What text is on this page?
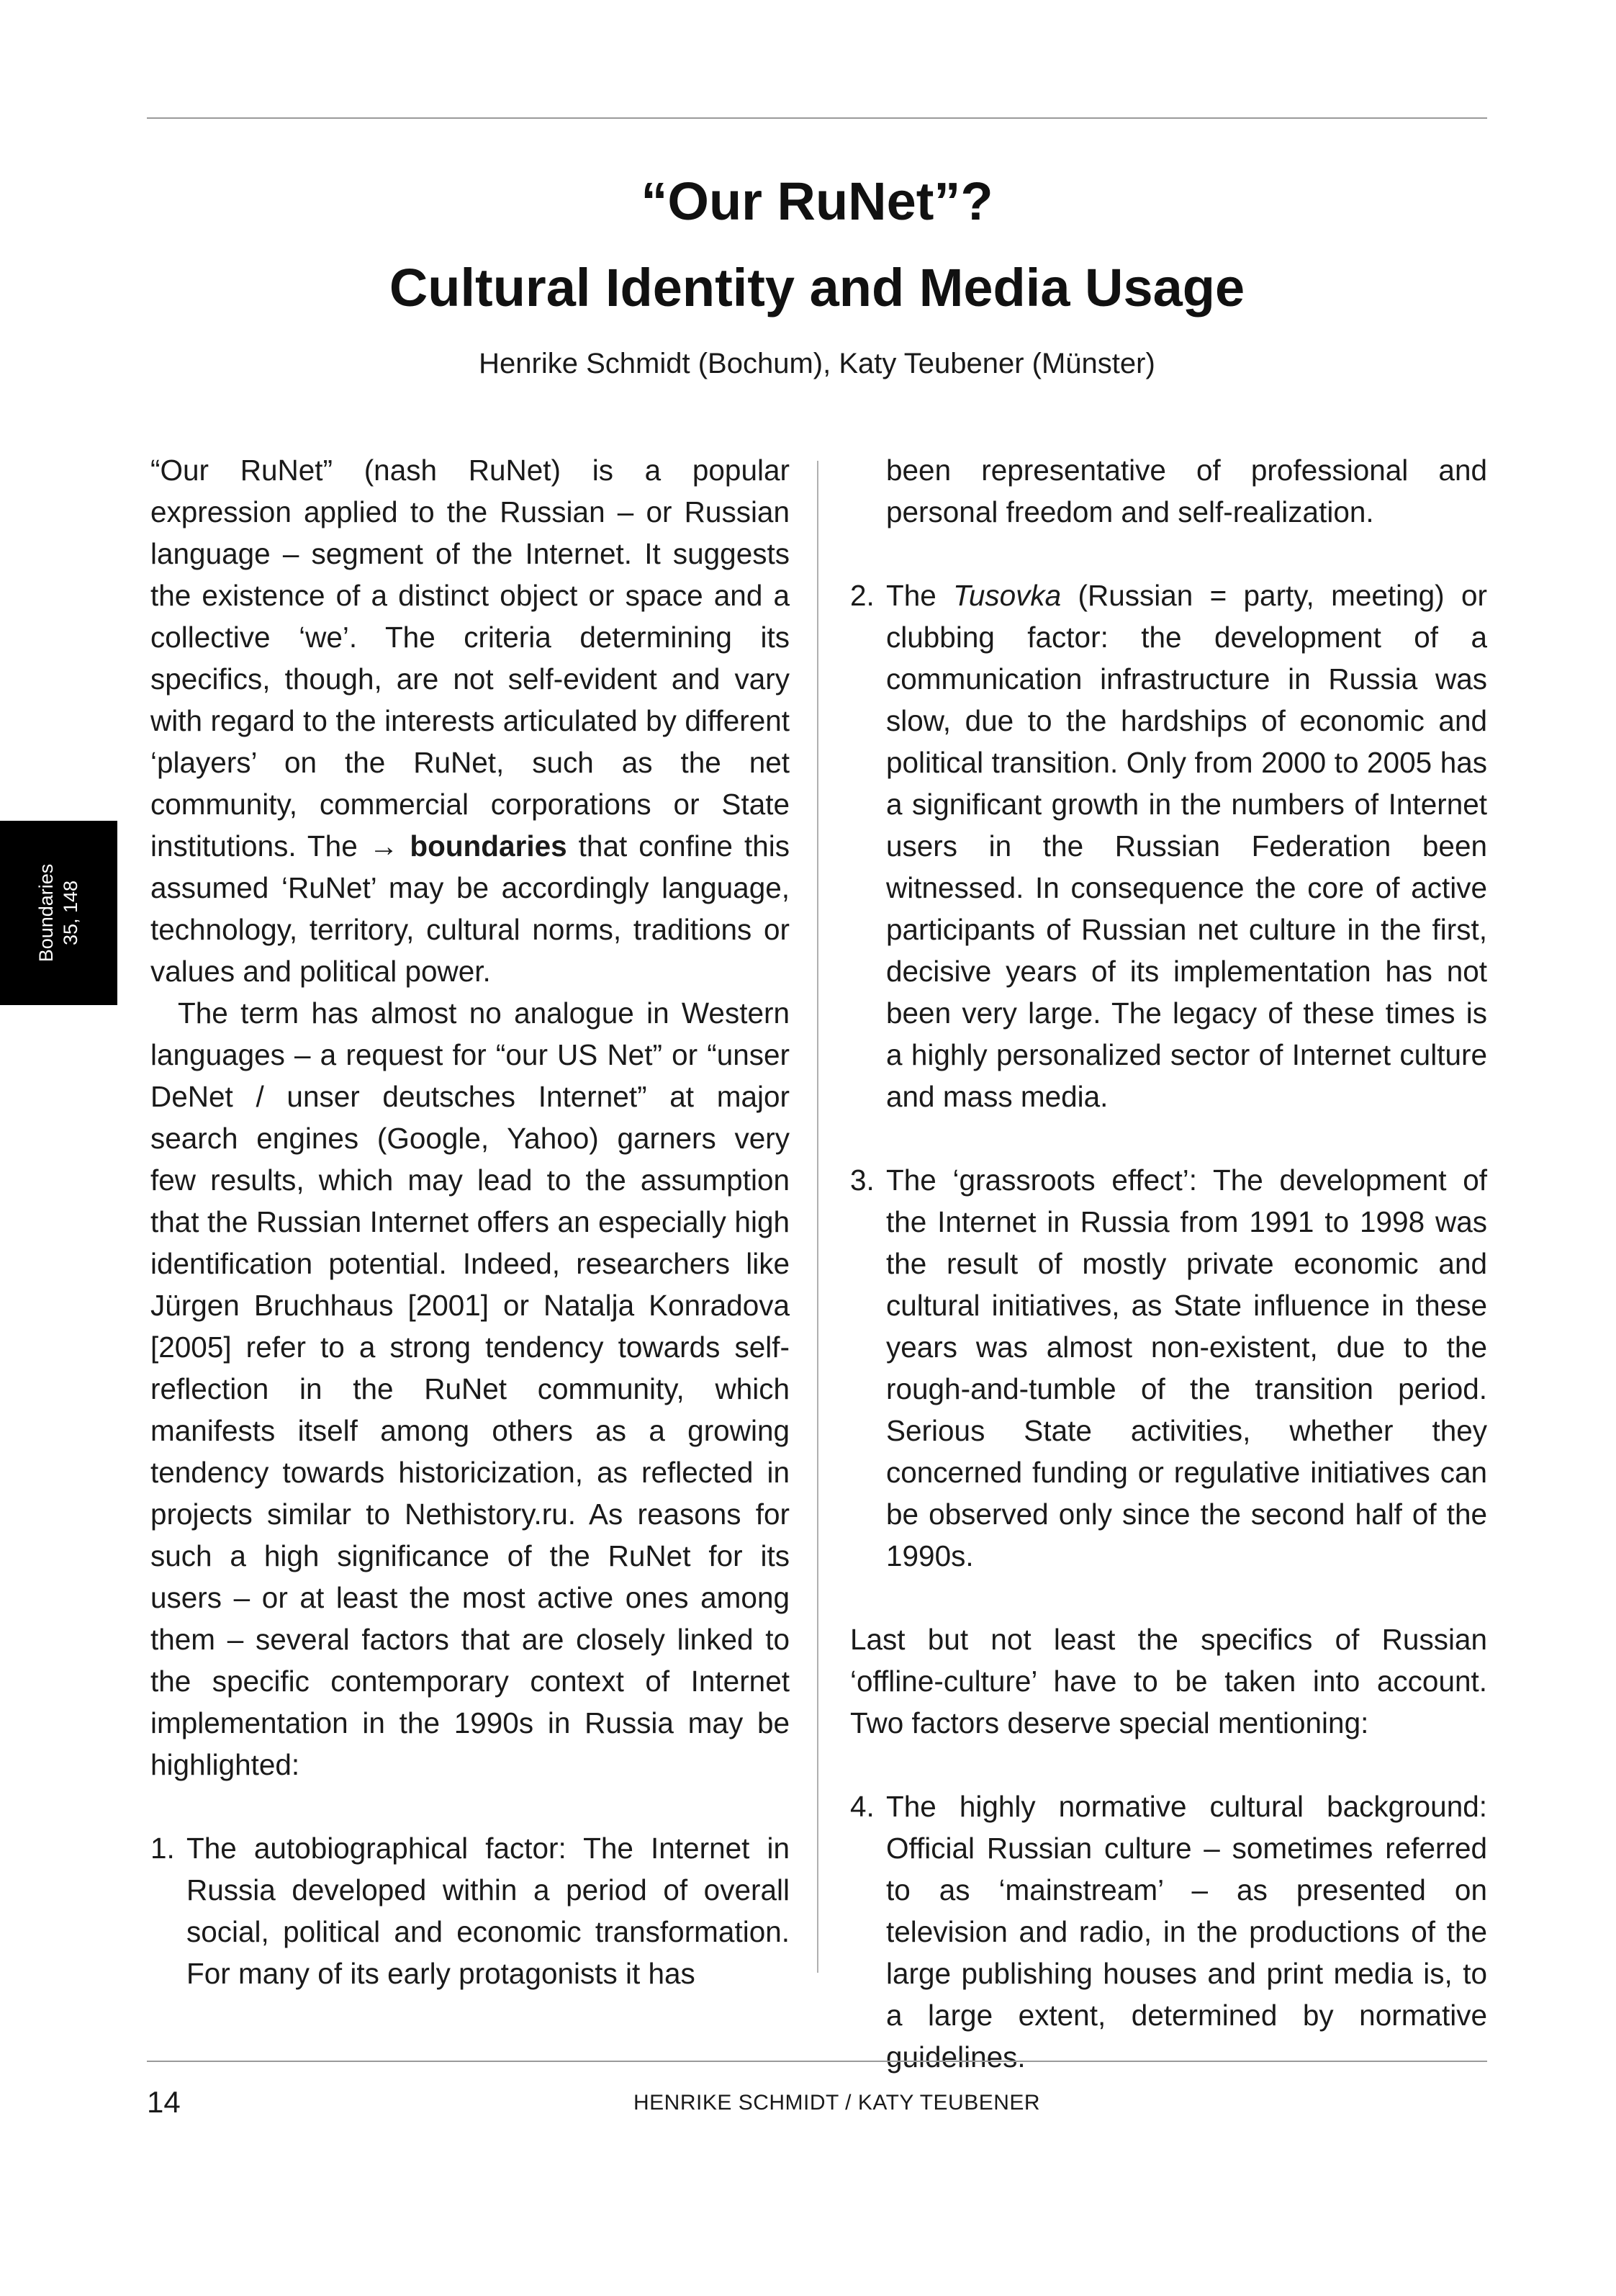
“Our RuNet”?
Cultural Identity and Media Usage
Henrike Schmidt (Bochum), Katy Teubener (Münster)
Boundaries 35, 148

“Our RuNet” (nash RuNet) is a popular expression applied to the Russian – or Russian language – segment of the Internet. It suggests the existence of a distinct object or space and a collective ‘we’. The criteria determining its specifics, though, are not self-evident and vary with regard to the interests articulated by different ‘players’ on the RuNet, such as the net community, commercial corporations or State institutions. The → boundaries that confine this assumed ‘RuNet’ may be accordingly language, technology, territory, cultural norms, traditions or values and political power.

The term has almost no analogue in Western languages – a request for “our US Net” or “unser DeNet / unser deutsches Internet” at major search engines (Google, Yahoo) garners very few results, which may lead to the assumption that the Russian Internet offers an especially high identification potential. Indeed, researchers like Jürgen Bruchhaus [2001] or Natalja Konradova [2005] refer to a strong tendency towards self-reflection in the RuNet community, which manifests itself among others as a growing tendency towards historicization, as reflected in projects similar to Nethistory.ru. As reasons for such a high significance of the RuNet for its users – or at least the most active ones among them – several factors that are closely linked to the specific contemporary context of Internet implementation in the 1990s in Russia may be highlighted:

1. The autobiographical factor: The Internet in Russia developed within a period of overall social, political and economic transformation. For many of its early protagonists it has

been representative of professional and personal freedom and self-realization.

2. The Tusovka (Russian = party, meeting) or clubbing factor: the development of a communication infrastructure in Russia was slow, due to the hardships of economic and political transition. Only from 2000 to 2005 has a significant growth in the numbers of Internet users in the Russian Federation been witnessed. In consequence the core of active participants of Russian net culture in the first, decisive years of its implementation has not been very large. The legacy of these times is a highly personalized sector of Internet culture and mass media.

3. The ‘grassroots effect’: The development of the Internet in Russia from 1991 to 1998 was the result of mostly private economic and cultural initiatives, as State influence in these years was almost non-existent, due to the rough-and-tumble of the transition period. Serious State activities, whether they concerned funding or regulative initiatives can be observed only since the second half of the 1990s.

Last but not least the specifics of Russian ‘offline-culture’ have to be taken into account. Two factors deserve special mentioning:

4. The highly normative cultural background: Official Russian culture – sometimes referred to as ‘mainstream’ – as presented on television and radio, in the productions of the large publishing houses and print media is, to a large extent, determined by normative guidelines.

14	HENRIKE SCHMIDT / KATY TEUBENER
